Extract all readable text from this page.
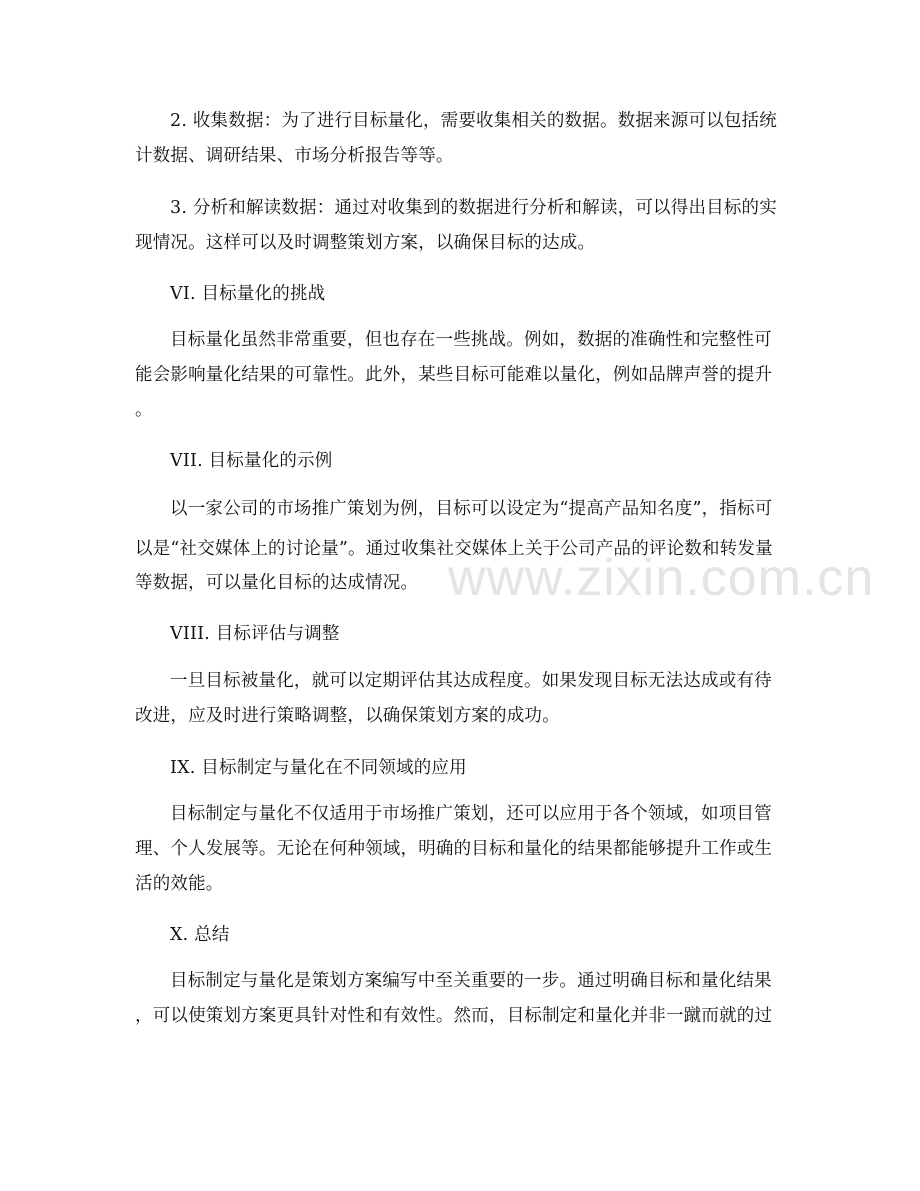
www.zixin.com.cn
2. 收集数据：为了进行目标量化，需要收集相关的数据。数据来源可以包括统
计数据、调研结果、市场分析报告等等。
3. 分析和解读数据：通过对收集到的数据进行分析和解读，可以得出目标的实
现情况。这样可以及时调整策划方案，以确保目标的达成。
VI. 目标量化的挑战
目标量化虽然非常重要，但也存在一些挑战。例如，数据的准确性和完整性可
能会影响量化结果的可靠性。此外，某些目标可能难以量化，例如品牌声誉的提升
。
VII. 目标量化的示例
以一家公司的市场推广策划为例，目标可以设定为“提高产品知名度”，指标可
以是“社交媒体上的讨论量”。通过收集社交媒体上关于公司产品的评论数和转发量
等数据，可以量化目标的达成情况。
VIII. 目标评估与调整
一旦目标被量化，就可以定期评估其达成程度。如果发现目标无法达成或有待
改进，应及时进行策略调整，以确保策划方案的成功。
IX. 目标制定与量化在不同领域的应用
目标制定与量化不仅适用于市场推广策划，还可以应用于各个领域，如项目管
理、个人发展等。无论在何种领域，明确的目标和量化的结果都能够提升工作或生
活的效能。
X. 总结
目标制定与量化是策划方案编写中至关重要的一步。通过明确目标和量化结果
，可以使策划方案更具针对性和有效性。然而，目标制定和量化并非一蹴而就的过
